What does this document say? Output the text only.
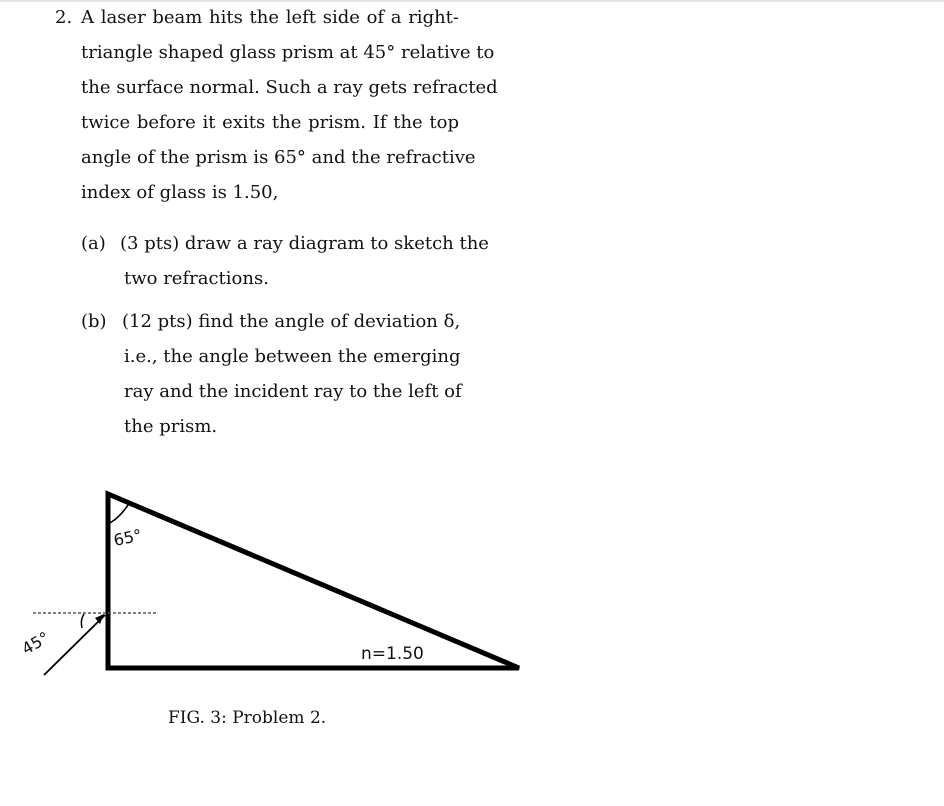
2. A laser beam hits the left side of a right-
triangle shaped glass prism at 45° relative to
the surface normal. Such a ray gets refracted
twice before it exits the prism. If the top
angle of the prism is 65° and the refractive
index of glass is 1.50,
(a) (3 pts) draw a ray diagram to sketch the
two refractions.
(b) (12 pts) find the angle of deviation δ,
i.e., the angle between the emerging
ray and the incident ray to the left of
the prism.
65°
45°	n=1.50
FIG. 3: Problem 2.
